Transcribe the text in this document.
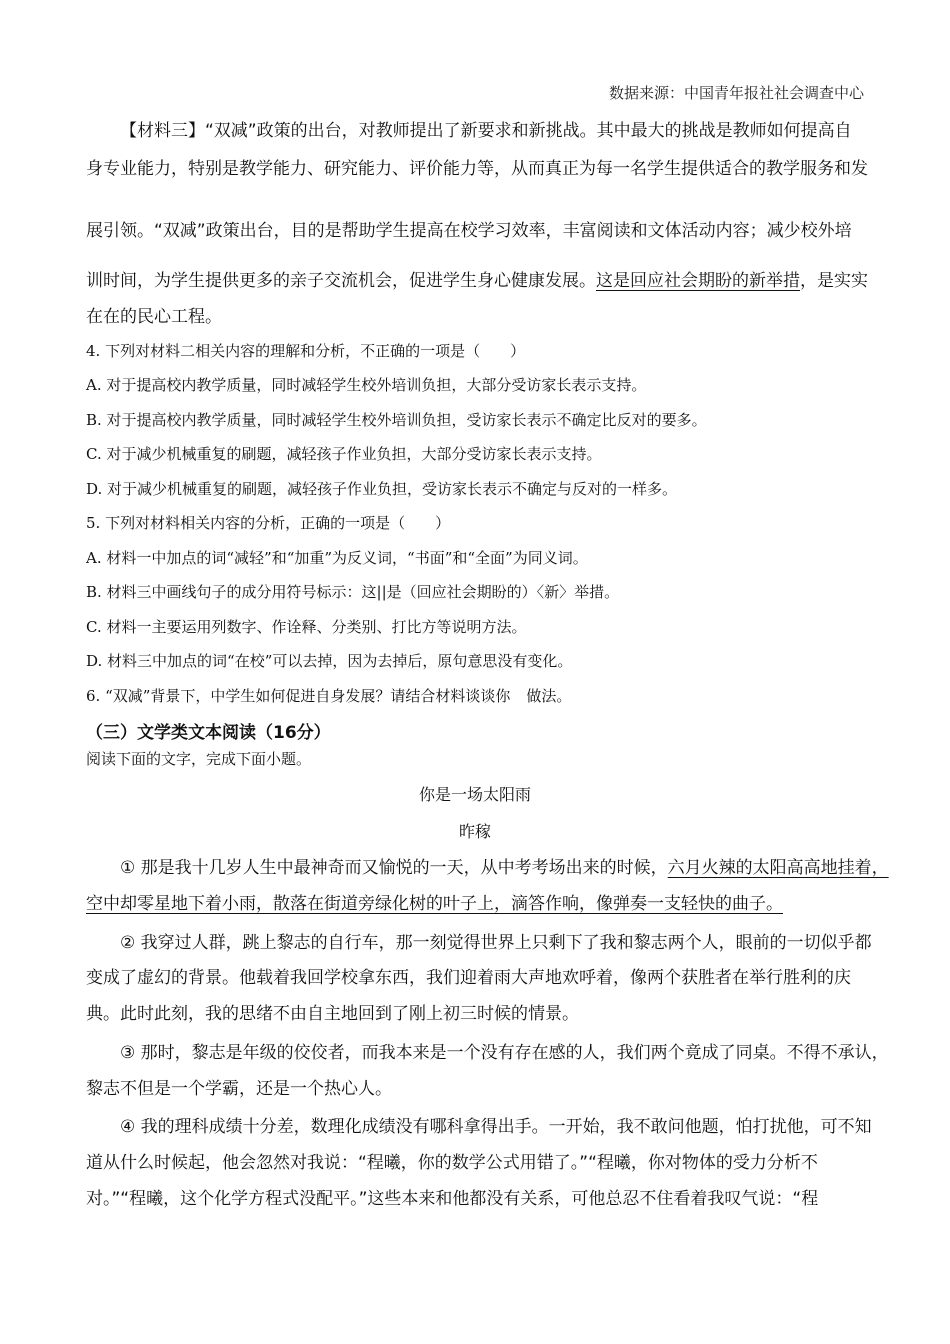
数据来源：中国青年报社社会调查中心
【材料三】“双减”政策的出台，对教师提出了新要求和新挑战。其中最大的挑战是教师如何提高自
身专业能力，特别是教学能力、研究能力、评价能力等，从而真正为每一名学生提供适合的教学服务和发
展引领。“双减”政策出台，目的是帮助学生提高在校学习效率，丰富阅读和文体活动内容；减少校外培
训时间，为学生提供更多的亲子交流机会，促进学生身心健康发展。这是回应社会期盼的新举措，是实实
在在的民心工程。
4. 下列对材料二相关内容的理解和分析，不正确的一项是（　　）
A. 对于提高校内教学质量，同时减轻学生校外培训负担，大部分受访家长表示支持。
B. 对于提高校内教学质量，同时减轻学生校外培训负担，受访家长表示不确定比反对的要多。
C. 对于减少机械重复的刷题，减轻孩子作业负担，大部分受访家长表示支持。
D. 对于减少机械重复的刷题，减轻孩子作业负担，受访家长表示不确定与反对的一样多。
5. 下列对材料相关内容的分析，正确的一项是（　　）
A. 材料一中加点的词“减轻”和“加重”为反义词，“书面”和“全面”为同义词。
B. 材料三中画线句子的成分用符号标示：这||是（回应社会期盼的）〈新〉举措。
C. 材料一主要运用列数字、作诠释、分类别、打比方等说明方法。
D. 材料三中加点的词“在校”可以去掉，因为去掉后，原句意思没有变化。
6. “双减”背景下，中学生如何促进自身发展？请结合材料谈谈你 做法。
（三）文学类文本阅读（16分）
阅读下面的文字，完成下面小题。
你是一场太阳雨
昨稼
① 那是我十几岁人生中最神奇而又愉悦的一天，从中考考场出来的时候，六月火辣的太阳高高地挂着，
空中却零星地下着小雨，散落在街道旁绿化树的叶子上，滴答作响，像弹奏一支轻快的曲子。
② 我穿过人群，跳上黎志的自行车，那一刻觉得世界上只剩下了我和黎志两个人，眼前的一切似乎都
变成了虚幻的背景。他载着我回学校拿东西，我们迎着雨大声地欢呼着，像两个获胜者在举行胜利的庆
典。此时此刻，我的思绪不由自主地回到了刚上初三时候的情景。
③ 那时，黎志是年级的佼佼者，而我本来是一个没有存在感的人，我们两个竟成了同桌。不得不承认，
黎志不但是一个学霸，还是一个热心人。
④ 我的理科成绩十分差，数理化成绩没有哪科拿得出手。一开始，我不敢问他题，怕打扰他，可不知
道从什么时候起，他会忽然对我说：“程曦，你的数学公式用错了。”“程曦，你对物体的受力分析不
对。”“程曦，这个化学方程式没配平。”这些本来和他都没有关系，可他总忍不住看着我叹气说：“程
